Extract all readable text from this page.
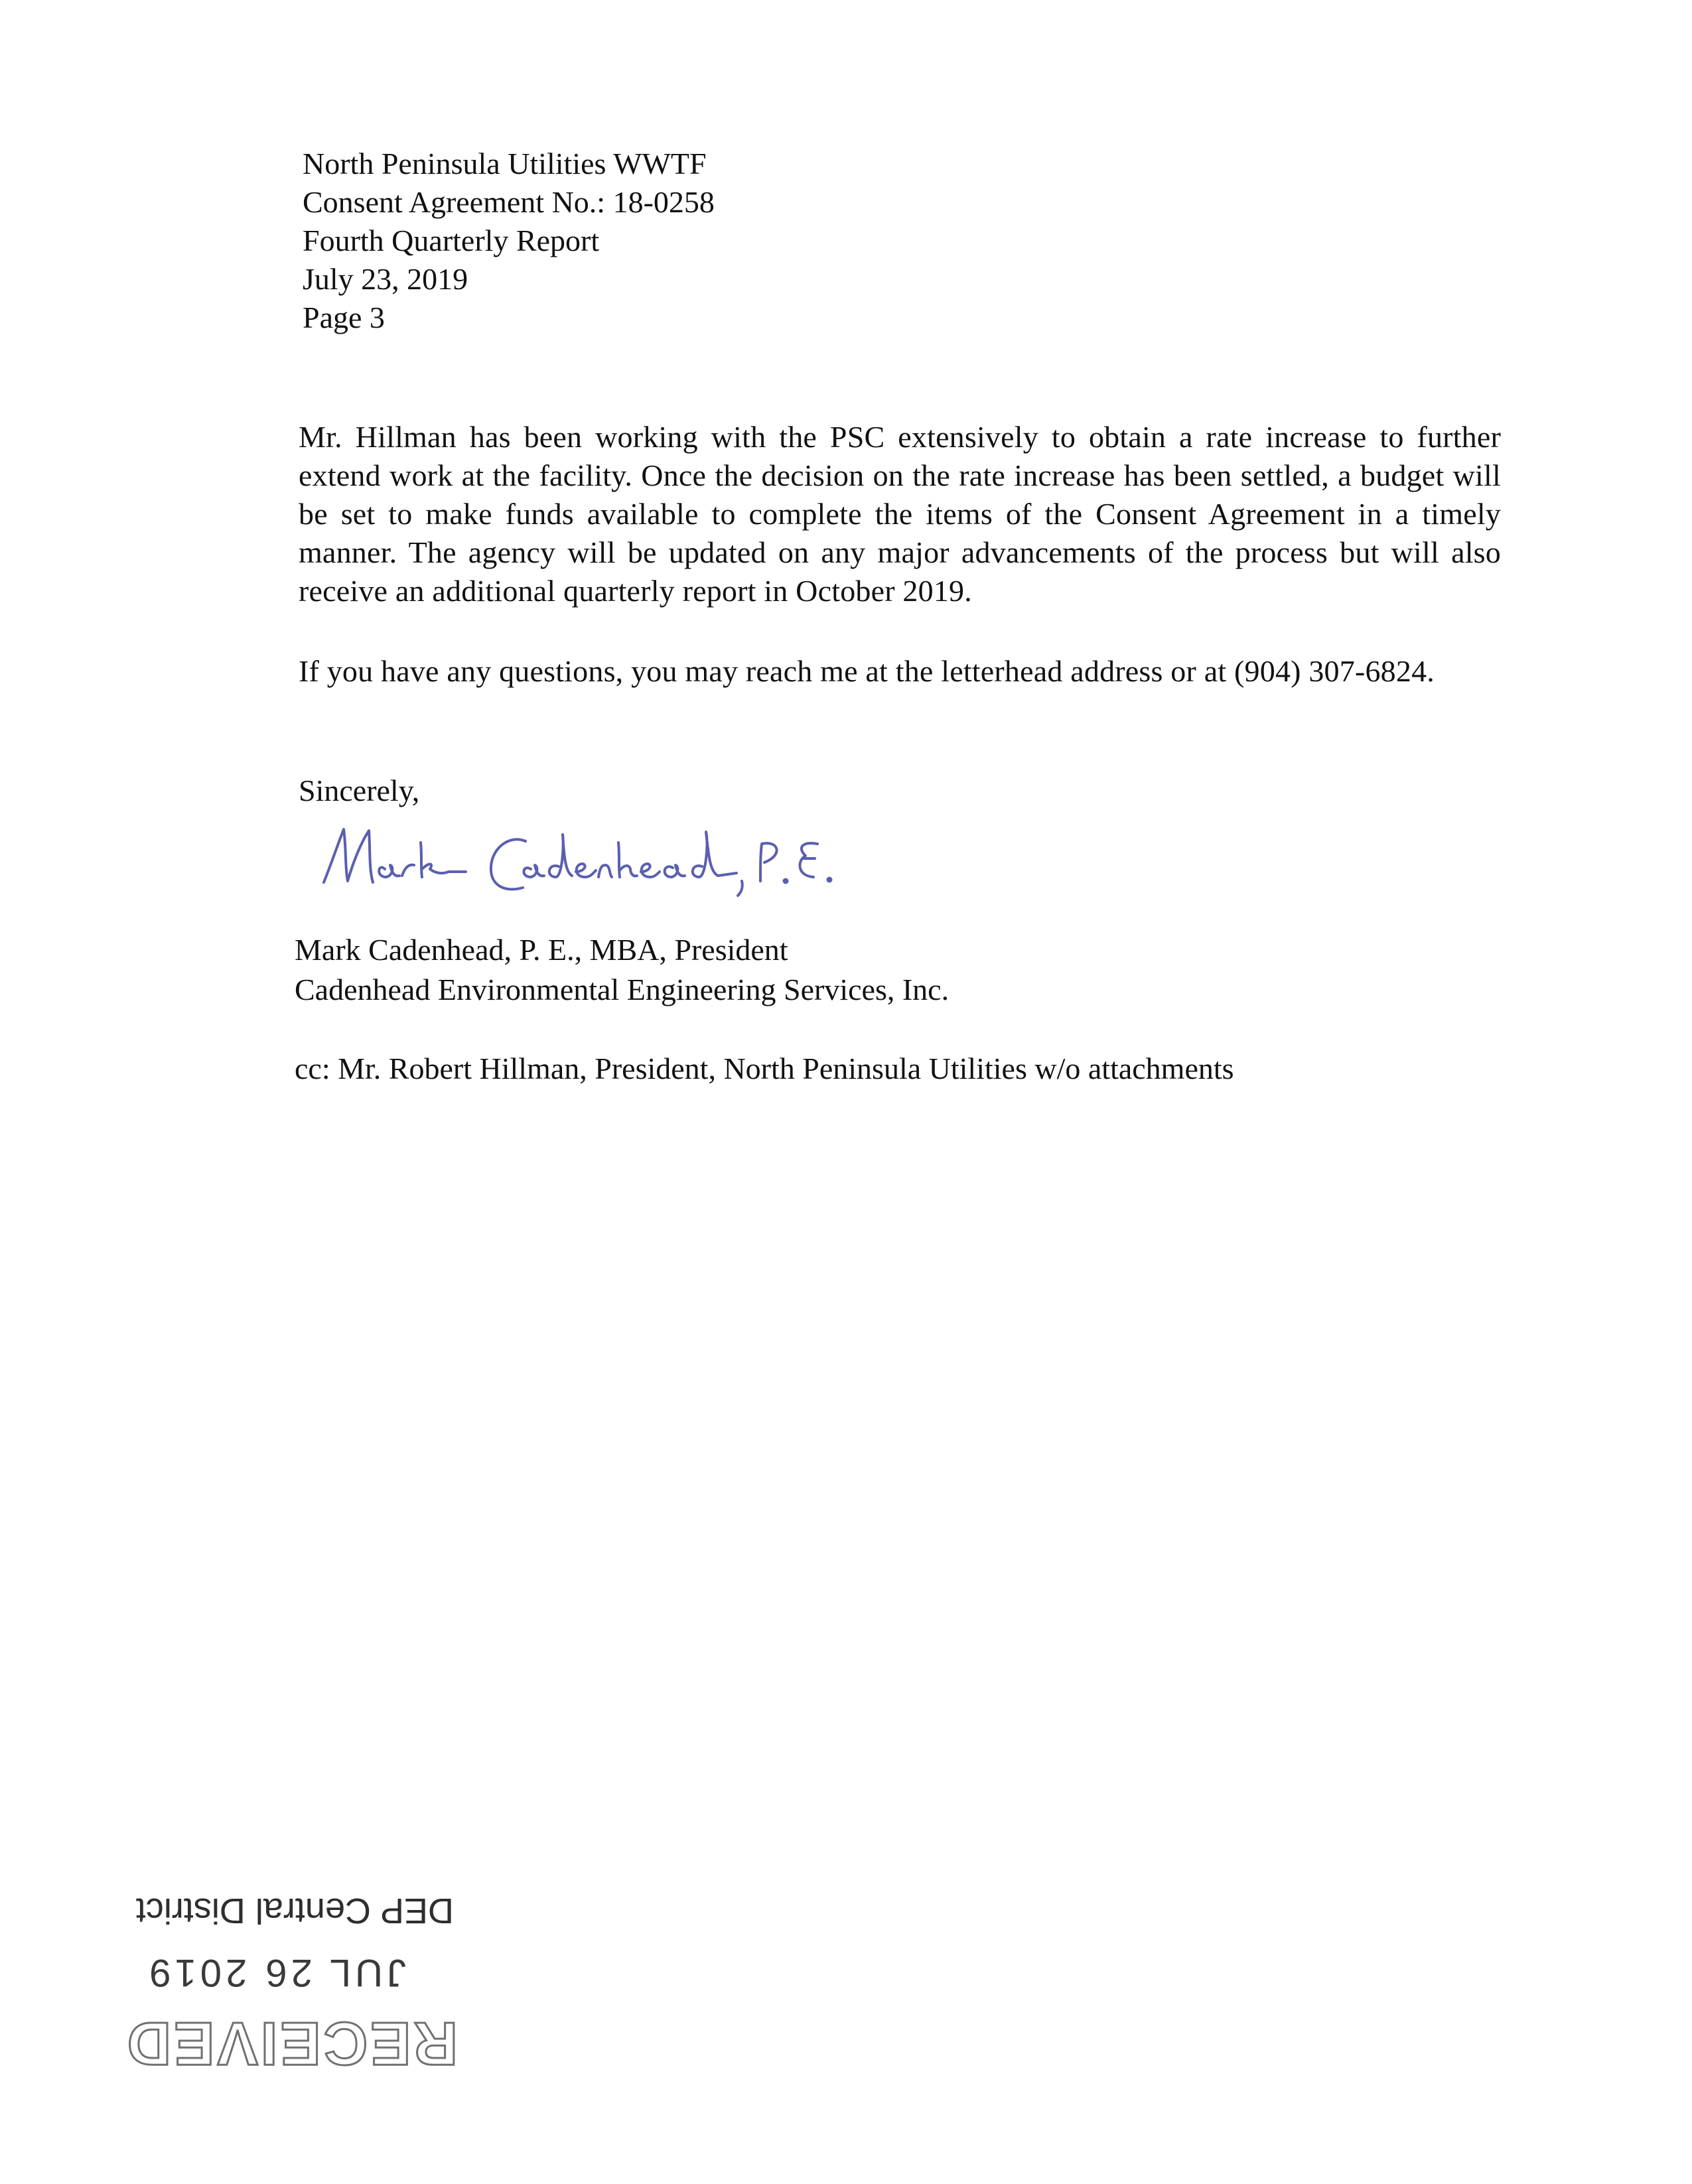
North Peninsula Utilities WWTF
Consent Agreement No.: 18-0258
Fourth Quarterly Report
July 23, 2019
Page 3
Mr. Hillman has been working with the PSC extensively to obtain a rate increase to further extend work at the facility. Once the decision on the rate increase has been settled, a budget will be set to make funds available to complete the items of the Consent Agreement in a timely manner. The agency will be updated on any major advancements of the process but will also receive an additional quarterly report in October 2019.
If you have any questions, you may reach me at the letterhead address or at (904) 307-6824.
Sincerely,
Mark Cadenhead, P. E., MBA, President
Cadenhead Environmental Engineering Services, Inc.
cc: Mr. Robert Hillman, President, North Peninsula Utilities w/o attachments
RECEIVED
JUL 26 2019
DEP Central District
